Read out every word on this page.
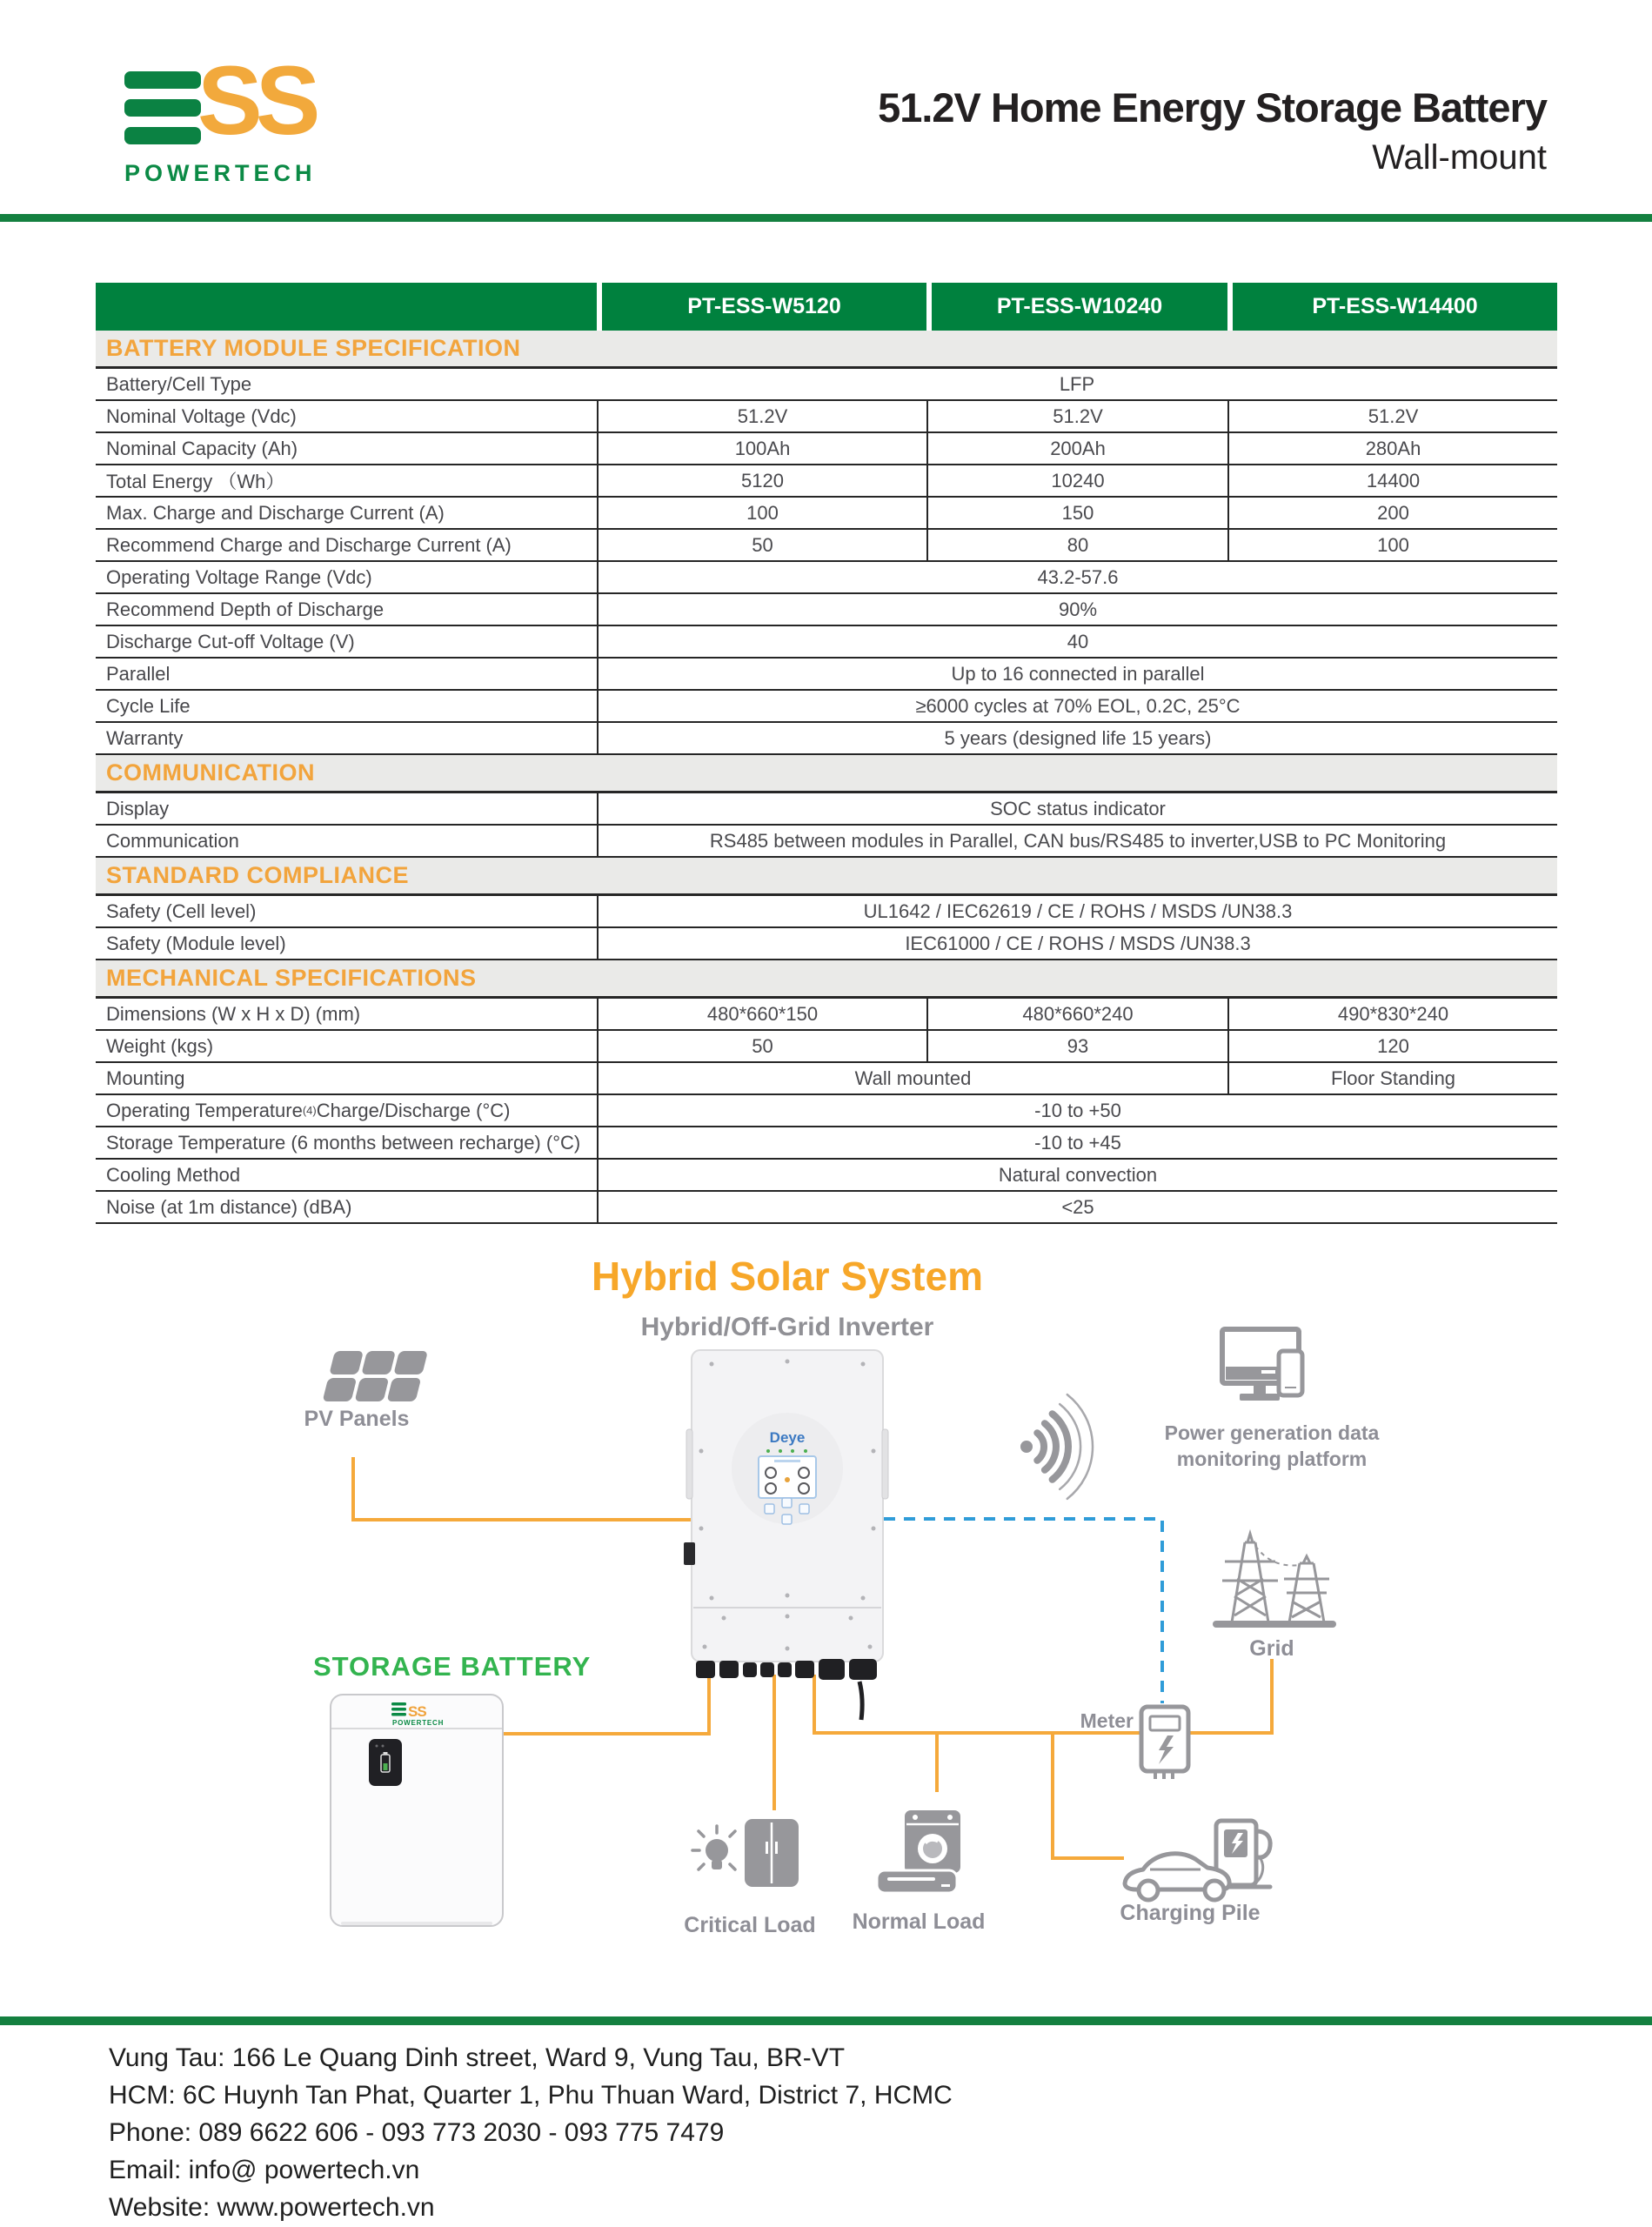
SS
POWERTECH
51.2V Home Energy Storage Battery
Wall-mount
PT-ESS-W5120	PT-ESS-W10240	PT-ESS-W14400
BATTERY MODULE SPECIFICATION
Battery/Cell Type	LFP
Nominal Voltage (Vdc)	51.2V	51.2V	51.2V
Nominal Capacity (Ah)	100Ah	200Ah	280Ah
Total Energy （Wh）	5120	10240	14400
Max. Charge and Discharge Current (A)	100	150	200
Recommend Charge and Discharge Current (A)	50	80	100
Operating Voltage Range (Vdc)	43.2-57.6
Recommend Depth of Discharge	90%
Discharge Cut-off Voltage (V)	40
Parallel	Up to 16 connected in parallel
Cycle Life	≥6000 cycles at 70% EOL, 0.2C, 25°C
Warranty	5 years (designed life 15 years)
COMMUNICATION
Display	SOC status indicator
Communication	RS485 between modules in Parallel, CAN bus/RS485 to inverter,USB to PC Monitoring
STANDARD COMPLIANCE
Safety (Cell level)	UL1642 / IEC62619 / CE / ROHS / MSDS /UN38.3
Safety (Module level)	IEC61000 / CE / ROHS / MSDS /UN38.3
MECHANICAL SPECIFICATIONS
Dimensions (W x H x D) (mm)	480*660*150	480*660*240	490*830*240
Weight (kgs)	50	93	120
Mounting	Wall mounted	Floor Standing
Operating Temperature (4) Charge/Discharge (°C)	-10 to +50
Storage Temperature (6 months between recharge) (°C)	-10 to +45
Cooling Method	Natural convection
Noise (at 1m distance) (dBA)	<25
Hybrid Solar System
Hybrid/Off-Grid Inverter
PV Panels
Deye	Power generation data
monitoring platform
Grid
Meter
STORAGE BATTERY
SS
POWERTECH
Critical Load Normal Load	Charging Pile
Vung Tau: 166 Le Quang Dinh street, Ward 9, Vung Tau, BR-VT
HCM: 6C Huynh Tan Phat, Quarter 1, Phu Thuan Ward, District 7, HCMC
Phone: 089 6622 606 - 093 773 2030 - 093 775 7479
Email: info@ powertech.vn
Website: www.powertech.vn
